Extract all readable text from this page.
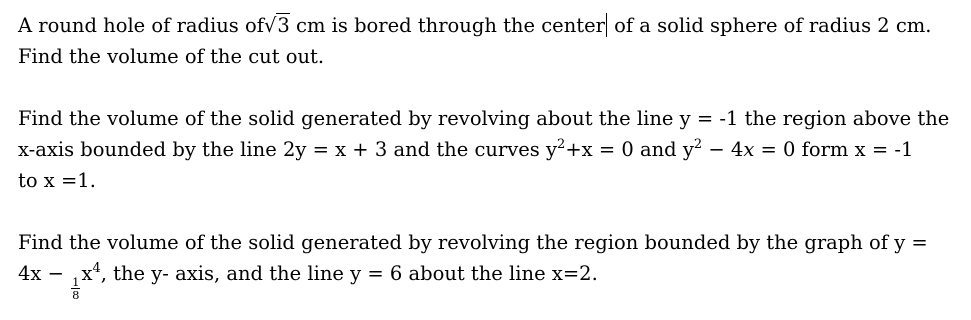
A round hole of radius of√3 cm is bored through the center of a solid sphere of radius 2 cm.
Find the volume of the cut out.

Find the volume of the solid generated by revolving about the line y = -1 the region above the
x-axis bounded by the line 2y = x + 3 and the curves $y^2+x = 0$ and $y^2 - 4x = 0$ form x = -1
to x =1.

Find the volume of the solid generated by revolving the region bounded by the graph of y =
4x −
$\frac{1}{8}$
$x^4$, the y- axis, and the line y = 6 about the line x=2.
